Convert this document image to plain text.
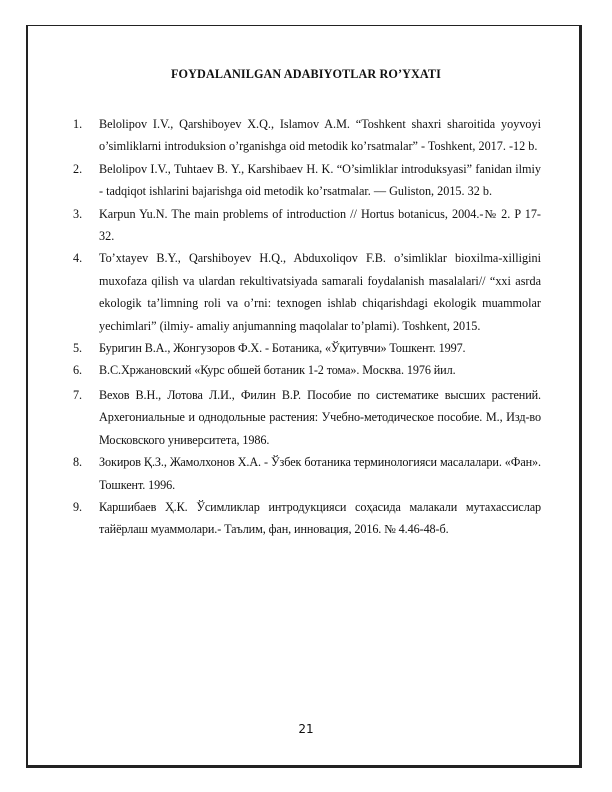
FOYDALANILGAN ADABIYOTLAR RO’YXATI
1. Belolipov I.V., Qarshiboyev X.Q., Islamov A.M. “Toshkent shaxri sharoitida yoyvoyi o’simliklarni introduksion o’rganishga oid metodik ko’rsatmalar” - Toshkent, 2017. -12 b.
2. Belolipov I.V., Tuhtaev B. Y., Karshibaev H. K. “O’simliklar introduksyasi” fanidan ilmiy - tadqiqot ishlarini bajarishga oid metodik ko’rsatmalar. — Guliston, 2015. 32 b.
3. Karpun Yu.N. The main problems of introduction // Hortus botanicus, 2004.-№ 2. P 17-32.
4. To’xtayev B.Y., Qarshiboyev H.Q., Abduxoliqov F.B. o’simliklar bioxilma-xilligini muxofaza qilish va ulardan rekultivatsiyada samarali foydalanish masalalari// “xxi asrda ekologik ta’limning roli va o’rni: texnogen ishlab chiqarishdagi ekologik muammolar yechimlari” (ilmiy- amaliy anjumanning maqolalar to’plami). Toshkent, 2015.
5. Буригин В.А., Жонгузоров Ф.Х. - Ботаника, «Ўқитувчи» Тошкент. 1997.
6. В.С.Хржановский «Курс обшей ботаник 1-2 тома». Москва. 1976 йил.
7. Вехов В.Н., Лотова Л.И., Филин В.Р. Пособие по систематике высших растений. Архегониальные и однодольные растения: Учебно-методическое пособие. М., Изд-во Московского университета, 1986.
8. Зокиров Қ.З., Жамолхонов Х.А. - Ўзбек ботаника терминологияси масалалари. «Фан». Тошкент. 1996.
9. Каршибаев Ҳ.К. Ўсимликлар интродукцияси соҳасида малакали мутахассислар тайёрлаш муаммолари.- Таълим, фан, инновация, 2016. № 4.46-48-б.
21
